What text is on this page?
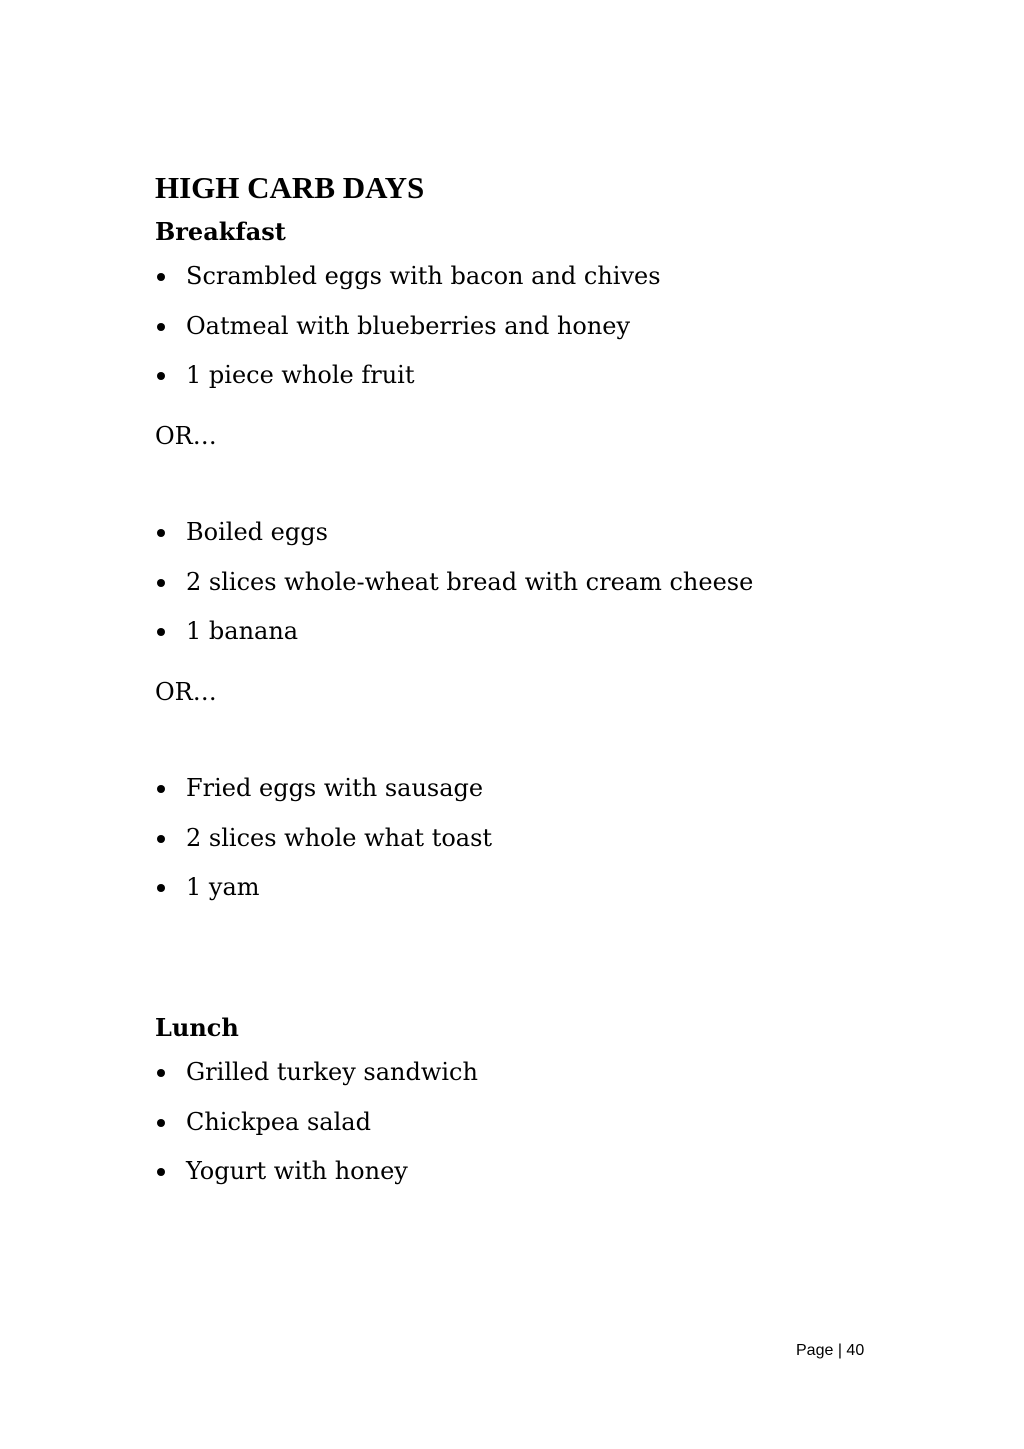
HIGH CARB DAYS
Breakfast
Scrambled eggs with bacon and chives
Oatmeal with blueberries and honey
1 piece whole fruit

OR…

Boiled eggs
2 slices whole-wheat bread with cream cheese
1 banana

OR…

Fried eggs with sausage
2 slices whole what toast
1 yam
Lunch
Grilled turkey sandwich
Chickpea salad
Yogurt with honey
Page | 40
